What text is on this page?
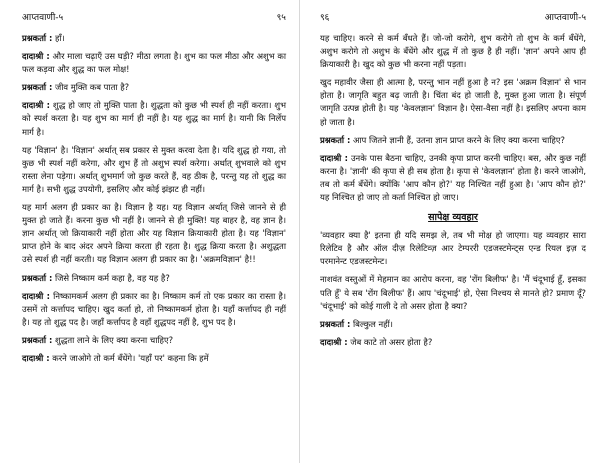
आप्तवाणी-५	९५

प्रश्नकर्ता : हाँ।

दादाश्री : और माला चढ़ाएँ उस घड़ी? मीठा लगता है। शुभ का फल मीठा और अशुभ का फल कड़वा और शुद्ध का फल मोक्ष!

प्रश्नकर्ता : जीव मुक्ति कब पाता है?

दादाश्री : शुद्ध हो जाए तो मुक्ति पाता है। शुद्धता को कुछ भी स्पर्श ही नहीं करता। शुभ को स्पर्श करता है। यह शुभ का मार्ग ही नहीं है। यह शुद्ध का मार्ग है। यानी कि निर्लेप मार्ग है।

यह 'विज्ञान' है। 'विज्ञान' अर्थात् सब प्रकार से मुक्त करवा देता है। यदि शुद्ध हो गया, तो कुछ भी स्पर्श नहीं करेगा, और शुभ हैं तो अशुभ स्पर्श करेगा। अर्थात् शुभवाले को शुभ रास्ता लेना पड़ेगा। अर्थात् शुभमार्ग जो कुछ करते हैं, वह ठीक है, परन्तु यह तो शुद्ध का मार्ग है। सभी शुद्ध उपयोगी, इसलिए और कोई झंझट ही नहीं।

यह मार्ग अलग ही प्रकार का है। विज्ञान है यह। यह विज्ञान अर्थात् जिसे जानने से ही मुक्त हो जाते हैं। करना कुछ भी नहीं है। जानने से ही मुक्ति! यह बाहर है, वह ज्ञान है। ज्ञान अर्थात् जो क्रियाकारी नहीं होता और यह विज्ञान क्रियाकारी होता है। यह 'विज्ञान' प्राप्त होने के बाद अंदर अपने क्रिया करता ही रहता है। शुद्ध क्रिया करता है। अशुद्धता उसे स्पर्श ही नहीं करती। यह विज्ञान अलग ही प्रकार का है। 'अक्रमविज्ञान' है!!

प्रश्नकर्ता : जिसे निष्काम कर्म कहा है, वह यह है?

दादाश्री : निष्कामकर्म अलग ही प्रकार का है। निष्काम कर्म तो एक प्रकार का रास्ता है। उसमें तो कर्त्तापद चाहिए। खुद कर्ता हो, तो निष्कामकर्म होता है। यहाँ कर्त्तापद ही नहीं है। यह तो शुद्ध पद है। जहाँ कर्त्तापद है वहाँ शुद्धपद नहीं है, शुभ पद है।

प्रश्नकर्ता : शुद्धता लाने के लिए क्या करना चाहिए?

दादाश्री : करने जाओगे तो कर्म बँधेंगे। 'यहाँ पर' कहना कि हमें

९६	आप्तवाणी-५

यह चाहिए। करने से कर्म बँधते हैं। जो-जो करोगे, शुभ करोगे तो शुभ के कर्म बँधेंगे, अशुभ करोगे तो अशुभ के बँधेंगे और शुद्ध में तो कुछ है ही नहीं। 'ज्ञान' अपने आप ही क्रियाकारी है। खुद को कुछ भी करना नहीं पड़ता।

खुद महावीर जैसा ही आत्मा है, परन्तु भान नहीं हुआ है न? इस 'अक्रम विज्ञान' से भान होता है। जागृति बहुत बढ़ जाती है। चिंता बंद हो जाती है, मुक्त हुआ जाता है। संपूर्ण जागृति उत्पन्न होती है। यह 'केवलज्ञान' विज्ञान है। ऐसा-वैसा नहीं है। इसलिए अपना काम हो जाता है।

प्रश्नकर्ता : आप जितने ज्ञानी हैं, उतना ज्ञान प्राप्त करने के लिए क्या करना चाहिए?

दादाश्री : उनके पास बैठना चाहिए, उनकी कृपा प्राप्त करनी चाहिए। बस, और कुछ नहीं करना है। 'ज्ञानी' की कृपा से ही सब होता है। कृपा से 'केवलज्ञान' होता है। करने जाओगे, तब तो कर्म बँधेंगे। क्योंकि 'आप कौन हो?' यह निश्चित नहीं हुआ है। 'आप कौन हो?' यह निश्चित हो जाए तो कर्ता निश्चित हो जाए।

सापेक्ष व्यवहार

'व्यवहार क्या है' इतना ही यदि समझ ले, तब भी मोक्ष हो जाएगा। यह व्यवहार सारा रिलेटिव है और ऑल दीज़ रिलेटिव्ज़ आर टेम्पररी एडजस्टमेन्ट्स एन्ड रियल इज़ द परमानेन्ट एडजस्टमेन्ट।

नाशवंत वस्तुओं में मेहमान का आरोप करना, वह 'रोंग बिलीफ' है। 'मैं चंदूभाई हूँ, इसका पति हूँ' ये सब 'रोंग बिलीफ' हैं। आप 'चंदूभाई' हो, ऐसा निश्चय से मानते हो? प्रमाण दूँ? 'चंदूभाई' को कोई गाली दे तो असर होता है क्या?

प्रश्नकर्ता : बिल्कुल नहीं।

दादाश्री : जेब काटे तो असर होता है?
